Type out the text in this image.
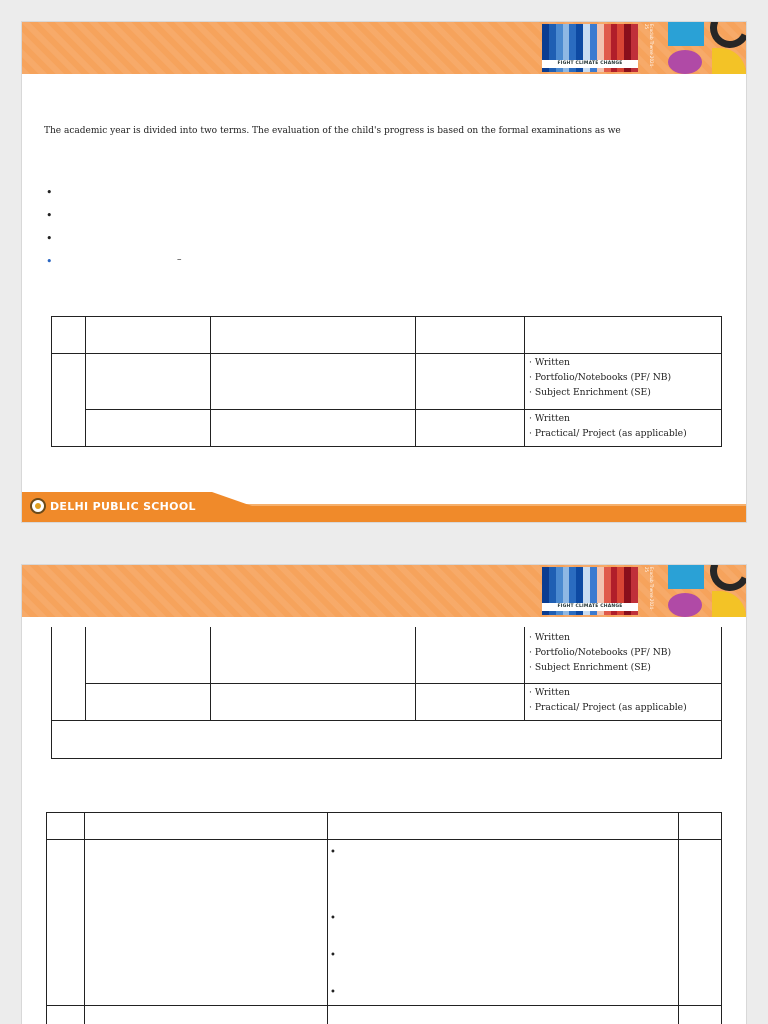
FIGHT CLIMATE CHANGE	Ecoclub Theme 2024-25
The academic year is divided into two terms. The evaluation of the child's progress is based on the formal examinations as we
•
•
•
•	–

				· Written
· Portfolio/Notebooks (PF/ NB)
· Subject Enrichment (SE)

				· Written
· Practical/ Project (as applicable)
DELHI PUBLIC SCHOOL
FIGHT CLIMATE CHANGE	Ecoclub Theme 2024-25

				· Written
· Portfolio/Notebooks (PF/ NB)
· Subject Enrichment (SE)

				· Written
· Practical/ Project (as applicable)

•
•
•
•
